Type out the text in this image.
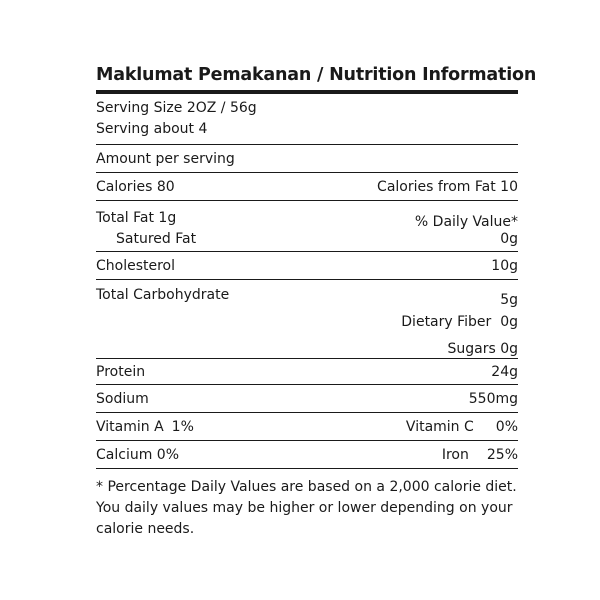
Maklumat Pemakanan / Nutrition Information
Serving Size 2OZ / 56g
Serving about 4
Amount per serving
Calories 80	Calories from Fat 10
Total Fat 1g	% Daily Value*
Satured Fat	0g
Cholesterol	10g
Total Carbohydrate	5g
Dietary Fiber  0g
Sugars 0g
Protein	24g
Sodium	550mg
Vitamin A 1%	Vitamin C 0%
Calcium 0%	Iron 25%
* Percentage Daily Values are based on a 2,000 calorie diet. You daily values may be higher or lower depending on your calorie needs.
